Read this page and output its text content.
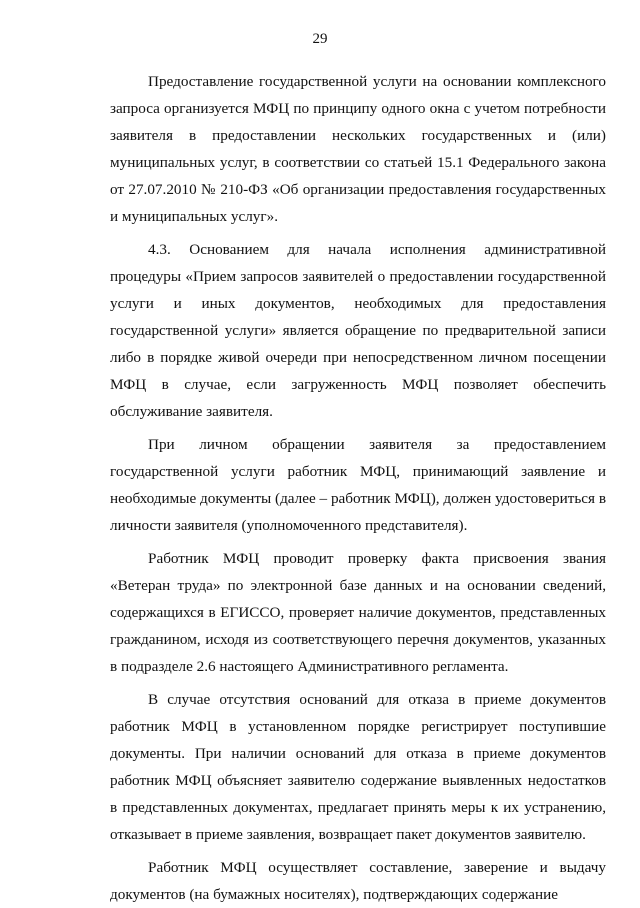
29

Предоставление государственной услуги на основании комплексного запроса организуется МФЦ по принципу одного окна с учетом потребности заявителя в предоставлении нескольких государственных и (или) муниципальных услуг, в соответствии со статьей 15.1 Федерального закона от 27.07.2010 № 210-ФЗ «Об организации предоставления государственных и муниципальных услуг».

4.3. Основанием для начала исполнения административной процедуры «Прием запросов заявителей о предоставлении государственной услуги и иных документов, необходимых для предоставления государственной услуги» является обращение по предварительной записи либо в порядке живой очереди при непосредственном личном посещении МФЦ в случае, если загруженность МФЦ позволяет обеспечить обслуживание заявителя.

При личном обращении заявителя за предоставлением государственной услуги работник МФЦ, принимающий заявление и необходимые документы (далее – работник МФЦ), должен удостовериться в личности заявителя (уполномоченного представителя).

Работник МФЦ проводит проверку факта присвоения звания «Ветеран труда» по электронной базе данных и на основании сведений, содержащихся в ЕГИССО, проверяет наличие документов, представленных гражданином, исходя из соответствующего перечня документов, указанных в подразделе 2.6 настоящего Административного регламента.

В случае отсутствия оснований для отказа в приеме документов работник МФЦ в установленном порядке регистрирует поступившие документы. При наличии оснований для отказа в приеме документов работник МФЦ объясняет заявителю содержание выявленных недостатков в представленных документах, предлагает принять меры к их устранению, отказывает в приеме заявления, возвращает пакет документов заявителю.

Работник МФЦ осуществляет составление, заверение и выдачу документов (на бумажных носителях), подтверждающих содержание
